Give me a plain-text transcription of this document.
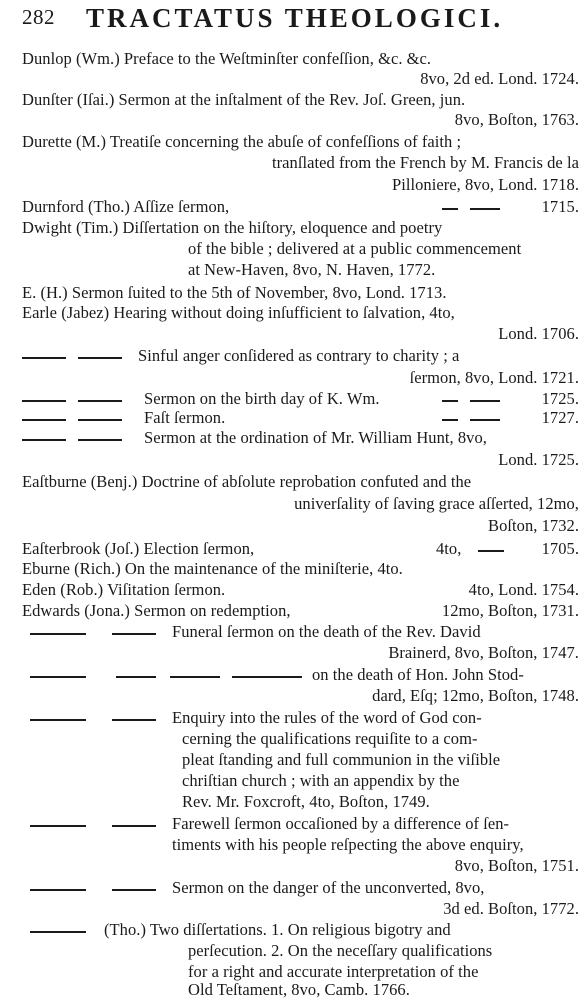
282 TRACTATUS THEOLOGICI.
Dunlop (Wm.) Preface to the Weſtminſter confeſſion, &c. &c.
8vo, 2d ed. Lond. 1724.
Dunſter (Iſai.) Sermon at the inſtalment of the Rev. Joſ. Green, jun.
8vo, Boſton, 1763.
Durette (M.) Treatiſe concerning the abuſe of confeſſions of faith ;
tranſlated from the French by M. Francis de la
Pilloniere, 8vo, Lond. 1718.
Durnford (Tho.) Aſſize ſermon,	1715.
Dwight (Tim.) Diſſertation on the hiſtory, eloquence and poetry
of the bible ; delivered at a public commencement
at New-Haven, 8vo, N. Haven, 1772.
E. (H.) Sermon ſuited to the 5th of November, 8vo, Lond. 1713.
Earle (Jabez) Hearing without doing inſufficient to ſalvation, 4to,
Lond. 1706.
Sinful anger conſidered as contrary to charity ; a
ſermon, 8vo, Lond. 1721.
Sermon on the birth day of K. Wm.	1725.
Faſt ſermon.	1727.
Sermon at the ordination of Mr. William Hunt, 8vo,
Lond. 1725.
Eaſtburne (Benj.) Doctrine of abſolute reprobation confuted and the
univerſality of ſaving grace aſſerted, 12mo,
Boſton, 1732.
Eaſterbrook (Joſ.) Election ſermon,	4to,	1705.
Eburne (Rich.) On the maintenance of the miniſterie, 4to.
Eden (Rob.) Viſitation ſermon.	4to, Lond. 1754.
Edwards (Jona.) Sermon on redemption,	12mo, Boſton, 1731.
Funeral ſermon on the death of the Rev. David
Brainerd, 8vo, Boſton, 1747.
on the death of Hon. John Stod-
dard, Eſq; 12mo, Boſton, 1748.
Enquiry into the rules of the word of God con-
cerning the qualifications requiſite to a com-
pleat ſtanding and full communion in the viſible
chriſtian church ; with an appendix by the
Rev. Mr. Foxcroft, 4to, Boſton, 1749.
Farewell ſermon occaſioned by a difference of ſen-
timents with his people reſpecting the above enquiry,
8vo, Boſton, 1751.
Sermon on the danger of the unconverted, 8vo,
3d ed. Boſton, 1772.
(Tho.) Two diſſertations. 1. On religious bigotry and
perſecution. 2. On the neceſſary qualifications
for a right and accurate interpretation of the
Old Teſtament, 8vo, Camb. 1766.
